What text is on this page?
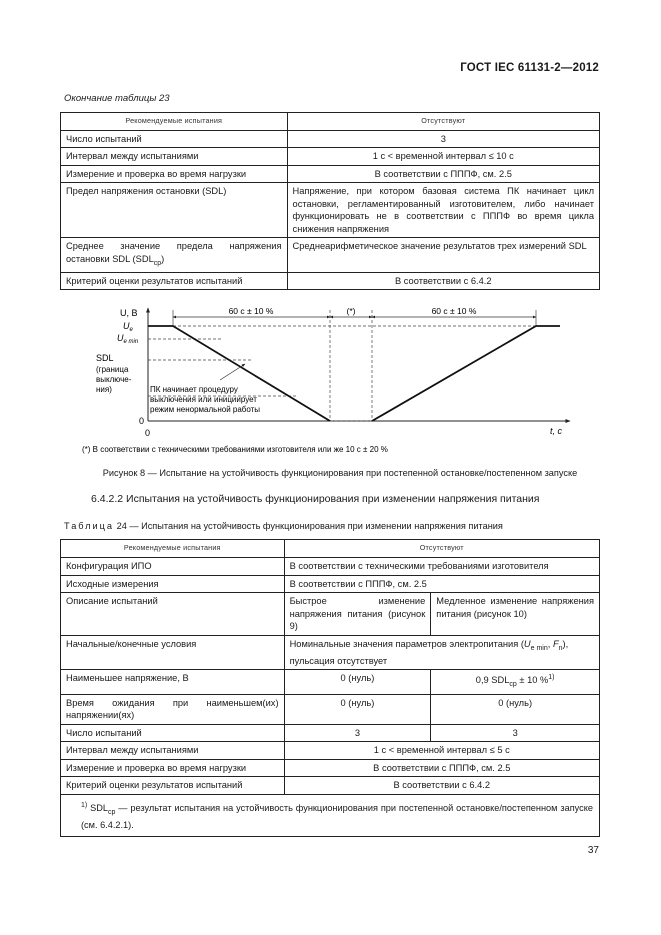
ГОСТ IEC 61131-2—2012
Окончание таблицы 23
Рекомендуемые испытания	Отсутствуют
Число испытаний	3
Интервал между испытаниями	1 с < временной интервал ≤ 10 с
Измерение и проверка во время нагрузки	В соответствии с ПППФ, см. 2.5
Предел напряжения остановки (SDL)	Напряжение, при котором базовая система ПК начинает цикл остановки, регламентированный изготовителем, либо начинает функционировать не в соответствии с ПППФ во время цикла снижения напряжения
Среднее значение предела напряжения остановки SDL $(SDL_{ср})$	Среднеарифметическое значение результатов трех измерений SDL
Критерий оценки результатов испытаний	В соответствии с 6.4.2
U, В
$U_e$
$U_{e min}$
SDL
(граница
выключе-
ния)
0
0	t, с
60 с ± 10 %	(*)	60 с ± 10 %
ПК начинает процедуру
выключения или инициирует
режим ненормальной работы
(*) В соответствии с техническими требованиями изготовителя или же 10 с ± 20 %
Рисунок 8 — Испытание на устойчивость функционирования при постепенной остановке/постепенном запуске
6.4.2.2 Испытания на устойчивость функционирования при изменении напряжения питания
Таблица 24 — Испытания на устойчивость функционирования при изменении напряжения питания
Рекомендуемые испытания	Отсутствуют	
Конфигурация ИПО	В соответствии с техническими требованиями изготовителя	
Исходные измерения	В соответствии с ПППФ, см. 2.5	
Описание испытаний	Быстрое изменение напряжения питания (рисунок 9)	Медленное изменение напряжения питания (рисунок 10)
Начальные/конечные условия	Номинальные значения параметров электропитания ($U_{e min}$, $F_n$), пульсация отсутствует	
Наименьшее напряжение, В	0 (нуль)	0,9 $SDL_{ср} \pm 10$ %$^{1)}$
Время ожидания при наименьшем(их) напряжении(ях)	0 (нуль)	0 (нуль)
Число испытаний	3	3
Интервал между испытаниями	1 с < временной интервал ≤ 5 с	
Измерение и проверка во время нагрузки	В соответствии с ПППФ, см. 2.5	
Критерий оценки результатов испытаний	В соответствии с 6.4.2	
$^{1)}$ $SDL_{ср}$ — результат испытания на устойчивость функционирования при постепенной остановке/постепенном запуске (см. 6.4.2.1).		
37
